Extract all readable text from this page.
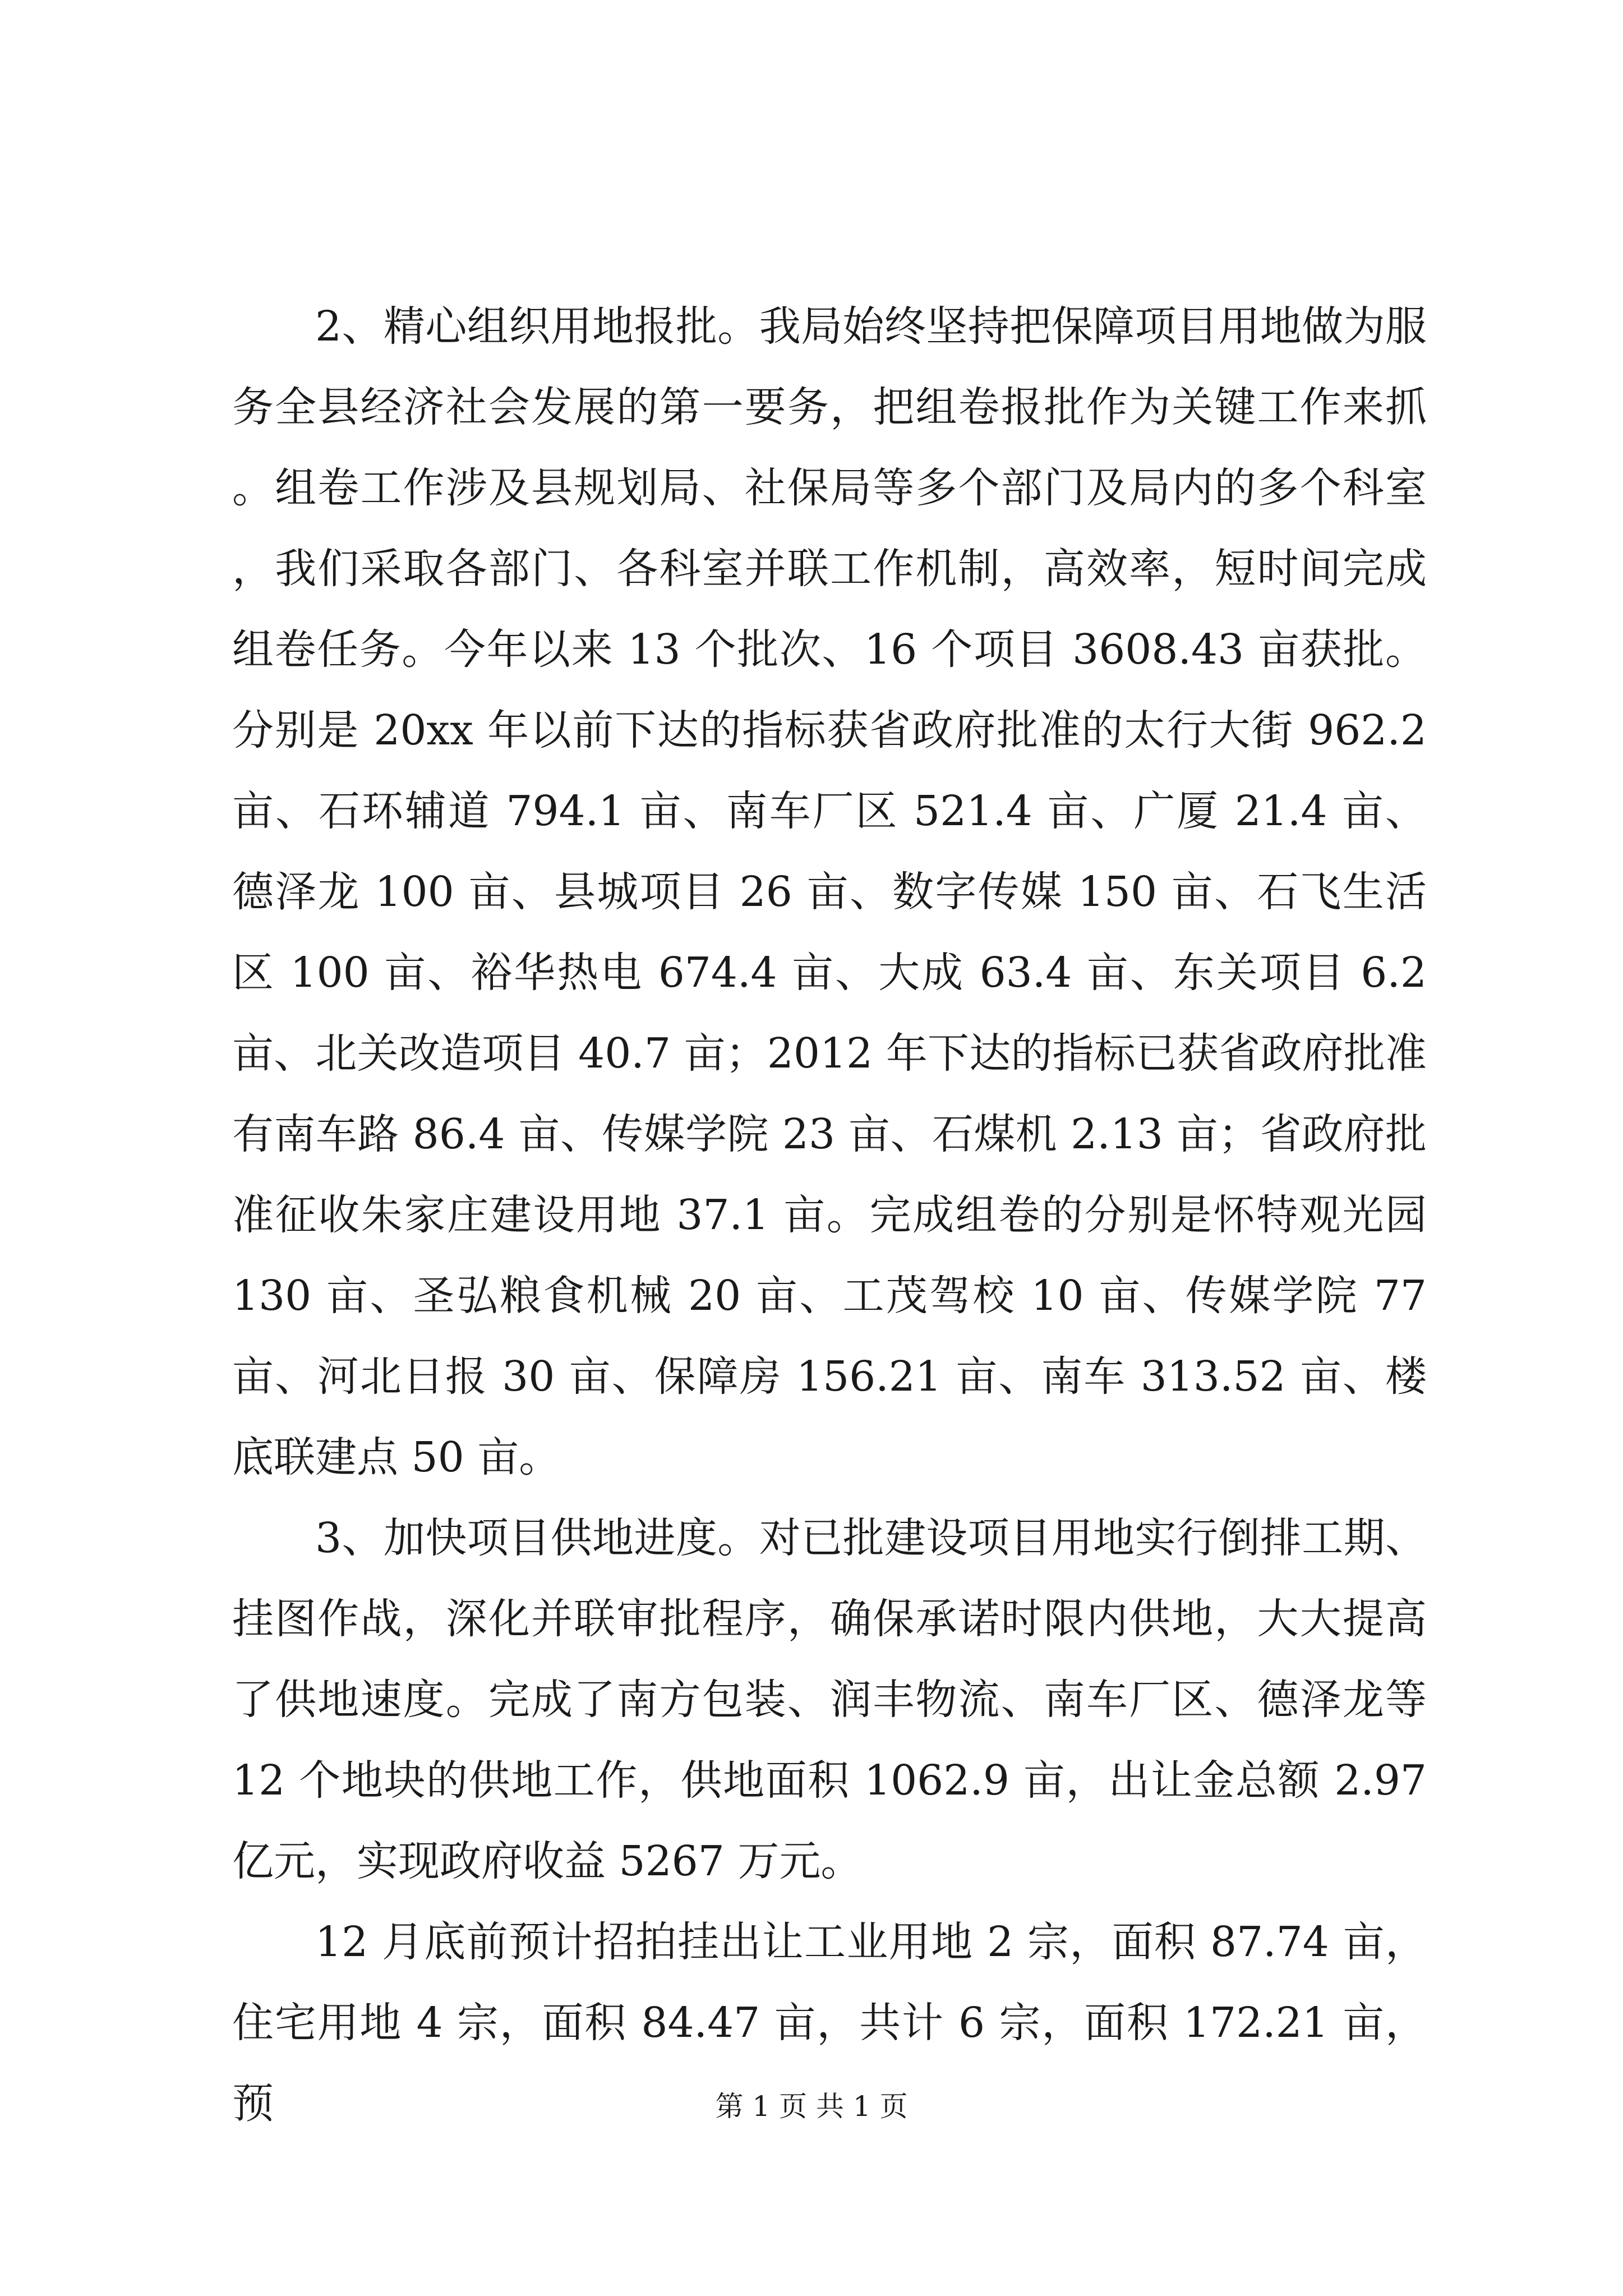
2、精心组织用地报批。我局始终坚持把保障项目用地做为服务全县经济社会发展的第一要务，把组卷报批作为关键工作来抓。组卷工作涉及县规划局、社保局等多个部门及局内的多个科室，我们采取各部门、各科室并联工作机制，高效率，短时间完成组卷任务。今年以来 13 个批次、16 个项目 3608.43 亩获批。分别是 20xx 年以前下达的指标获省政府批准的太行大街 962.2 亩、石环辅道 794.1 亩、南车厂区 521.4 亩、广厦 21.4 亩、德泽龙 100 亩、县城项目 26 亩、数字传媒 150 亩、石飞生活区 100 亩、裕华热电 674.4 亩、大成 63.4 亩、东关项目 6.2 亩、北关改造项目 40.7 亩；2012 年下达的指标已获省政府批准有南车路 86.4 亩、传媒学院 23 亩、石煤机 2.13 亩；省政府批准征收朱家庄建设用地 37.1 亩。完成组卷的分别是怀特观光园 130 亩、圣弘粮食机械 20 亩、工茂驾校 10 亩、传媒学院 77 亩、河北日报 30 亩、保障房 156.21 亩、南车 313.52 亩、楼底联建点 50 亩。

3、加快项目供地进度。对已批建设项目用地实行倒排工期、挂图作战，深化并联审批程序，确保承诺时限内供地，大大提高了供地速度。完成了南方包装、润丰物流、南车厂区、德泽龙等 12 个地块的供地工作，供地面积 1062.9 亩，出让金总额 2.97 亿元，实现政府收益 5267 万元。

12 月底前预计招拍挂出让工业用地 2 宗，面积 87.74 亩，住宅用地 4 宗，面积 84.47 亩，共计 6 宗，面积 172.21 亩，预	第 1 页 共 1 页
